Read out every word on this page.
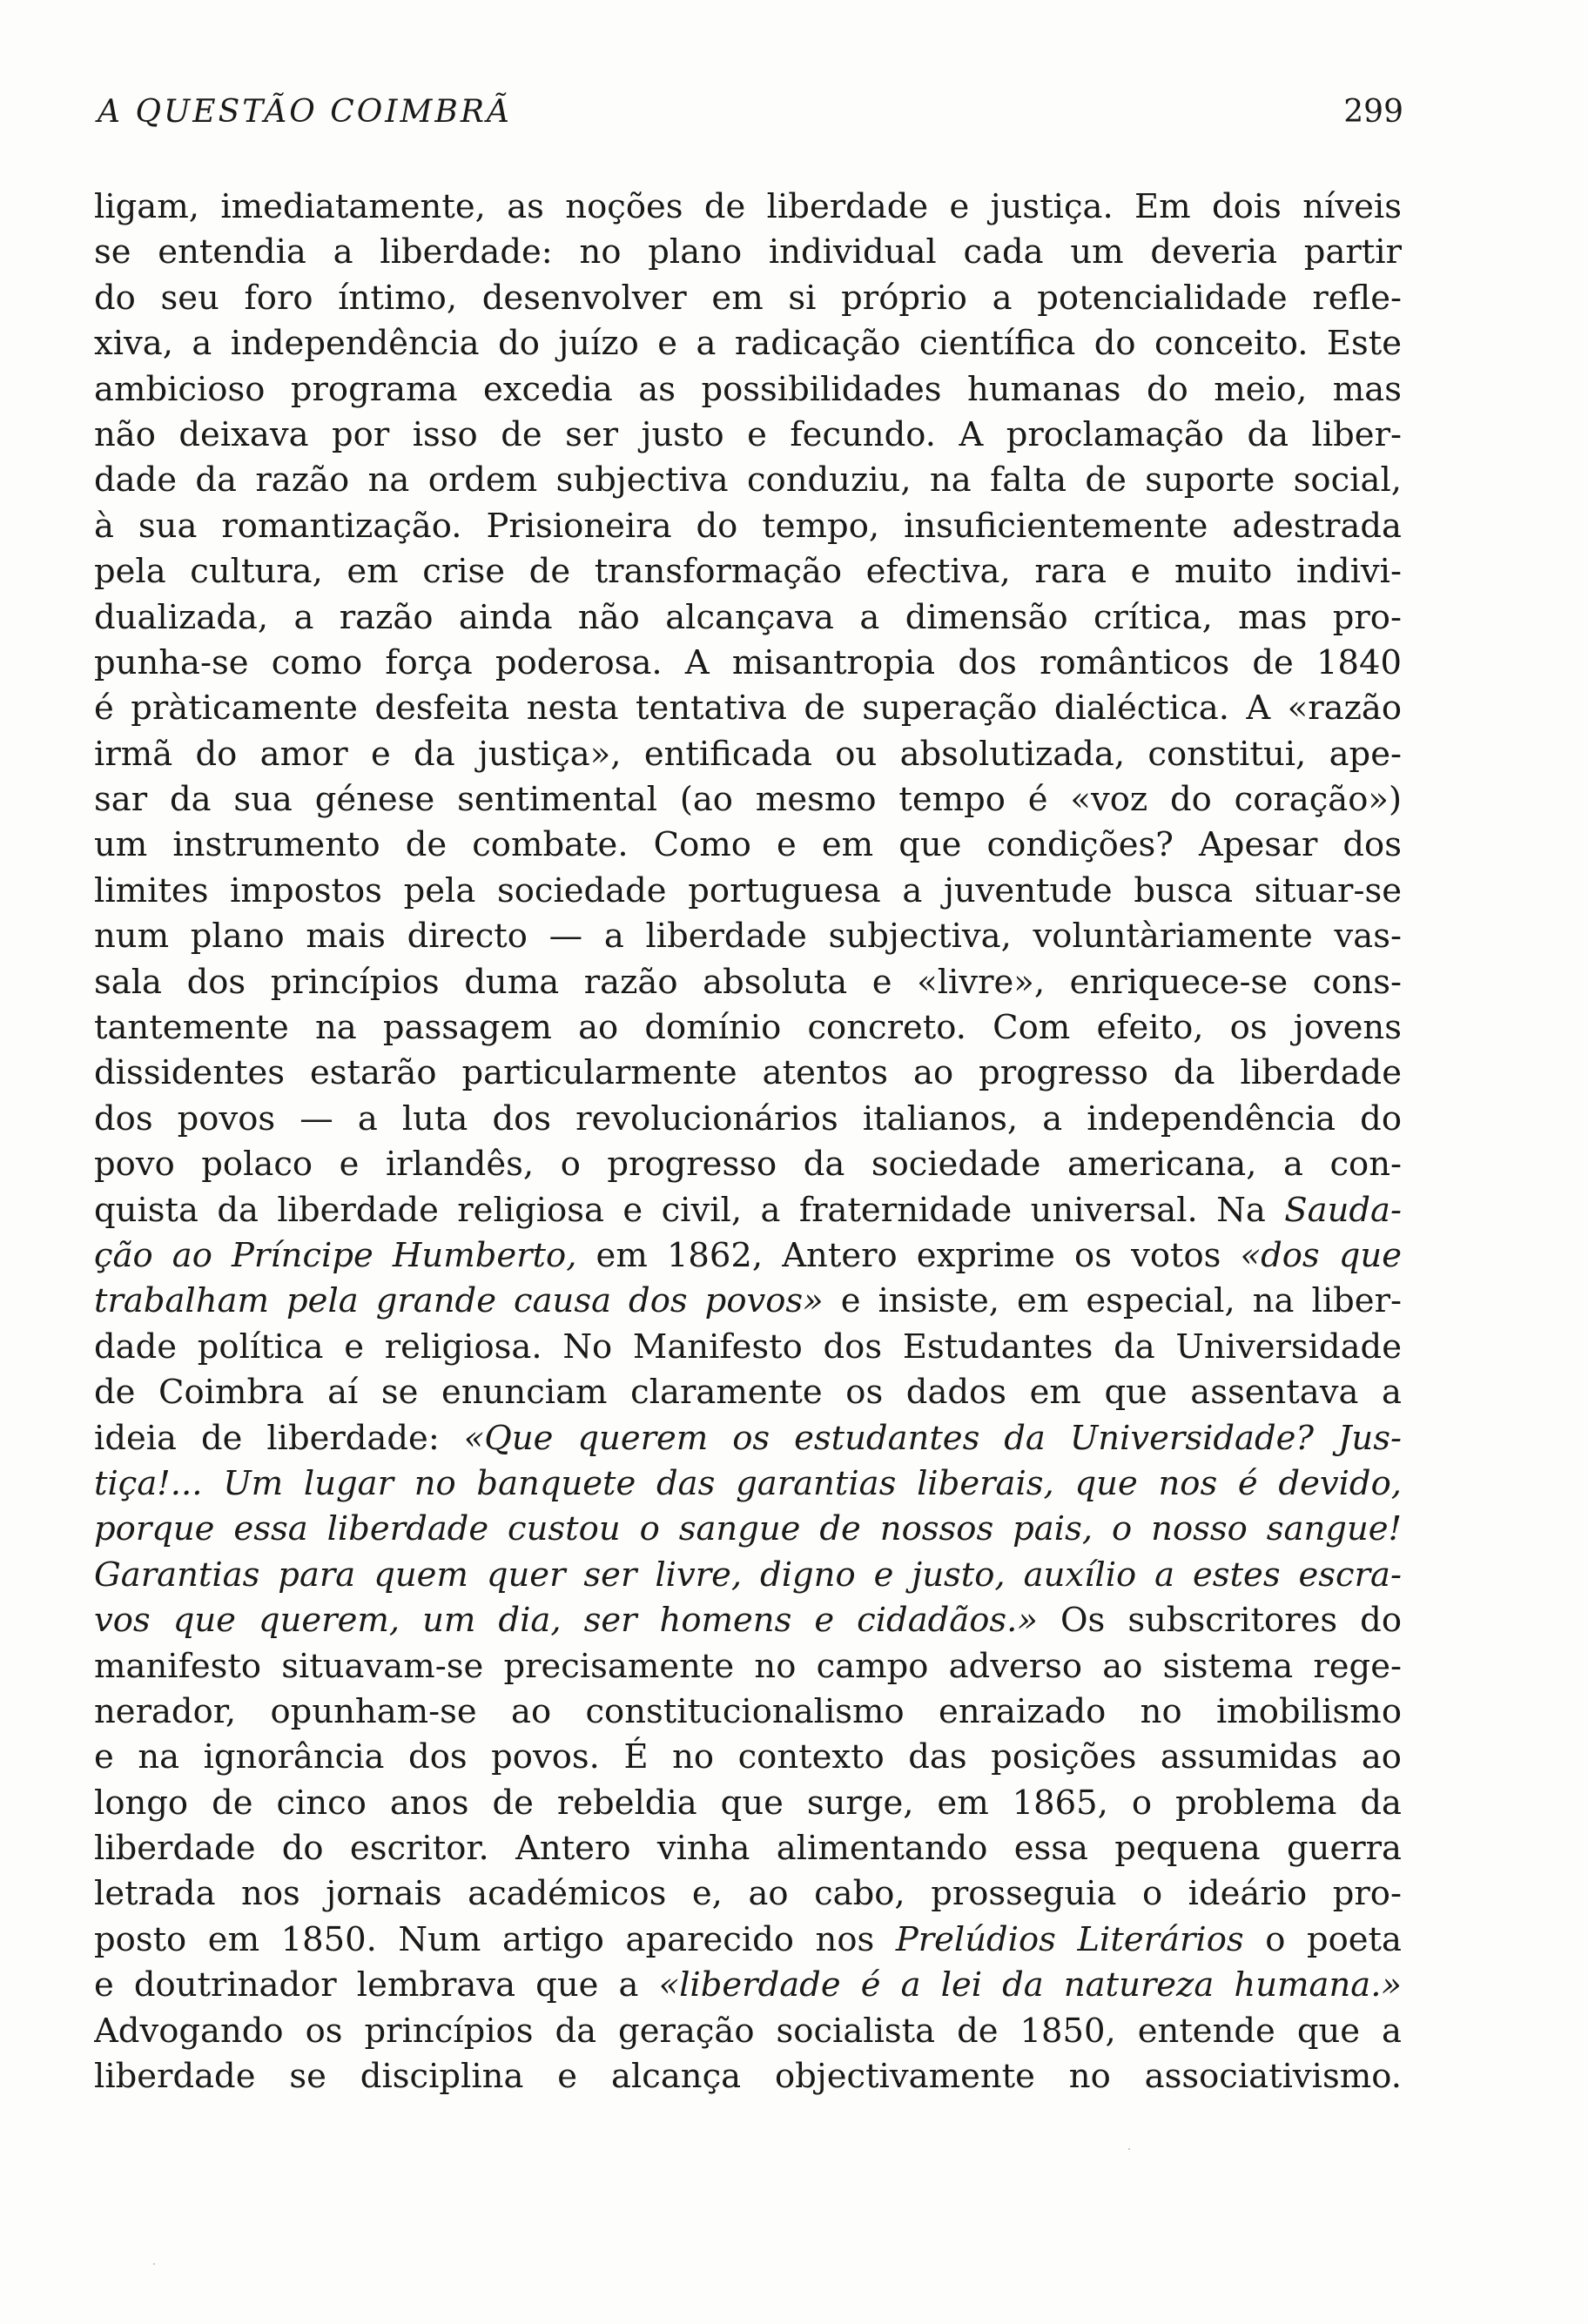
A QUESTÃO COIMBRÃ	299

ligam, imediatamente, as noções de liberdade e justiça. Em dois níveis
se entendia a liberdade: no plano individual cada um deveria partir
do seu foro íntimo, desenvolver em si próprio a potencialidade refle-
xiva, a independência do juízo e a radicação científica do conceito. Este
ambicioso programa excedia as possibilidades humanas do meio, mas
não deixava por isso de ser justo e fecundo. A proclamação da liber-
dade da razão na ordem subjectiva conduziu, na falta de suporte social,
à sua romantização. Prisioneira do tempo, insuficientemente adestrada
pela cultura, em crise de transformação efectiva, rara e muito indivi-
dualizada, a razão ainda não alcançava a dimensão crítica, mas pro-
punha-se como força poderosa. A misantropia dos românticos de 1840
é pràticamente desfeita nesta tentativa de superação dialéctica. A «razão
irmã do amor e da justiça», entificada ou absolutizada, constitui, ape-
sar da sua génese sentimental (ao mesmo tempo é «voz do coração»)
um instrumento de combate. Como e em que condições? Apesar dos
limites impostos pela sociedade portuguesa a juventude busca situar-se
num plano mais directo — a liberdade subjectiva, voluntàriamente vas-
sala dos princípios duma razão absoluta e «livre», enriquece-se cons-
tantemente na passagem ao domínio concreto. Com efeito, os jovens
dissidentes estarão particularmente atentos ao progresso da liberdade
dos povos — a luta dos revolucionários italianos, a independência do
povo polaco e irlandês, o progresso da sociedade americana, a con-
quista da liberdade religiosa e civil, a fraternidade universal. Na Sauda-
ção ao Príncipe Humberto, em 1862, Antero exprime os votos «dos que
trabalham pela grande causa dos povos» e insiste, em especial, na liber-
dade política e religiosa. No Manifesto dos Estudantes da Universidade
de Coimbra aí se enunciam claramente os dados em que assentava a
ideia de liberdade: «Que querem os estudantes da Universidade? Jus-
tiça!... Um lugar no banquete das garantias liberais, que nos é devido,
porque essa liberdade custou o sangue de nossos pais, o nosso sangue!
Garantias para quem quer ser livre, digno e justo, auxílio a estes escra-
vos que querem, um dia, ser homens e cidadãos.» Os subscritores do
manifesto situavam-se precisamente no campo adverso ao sistema rege-
nerador, opunham-se ao constitucionalismo enraizado no imobilismo
e na ignorância dos povos. É no contexto das posições assumidas ao
longo de cinco anos de rebeldia que surge, em 1865, o problema da
liberdade do escritor. Antero vinha alimentando essa pequena guerra
letrada nos jornais académicos e, ao cabo, prosseguia o ideário pro-
posto em 1850. Num artigo aparecido nos Prelúdios Literários o poeta
e doutrinador lembrava que a «liberdade é a lei da natureza humana.»
Advogando os princípios da geração socialista de 1850, entende que a
liberdade se disciplina e alcança objectivamente no associativismo.
